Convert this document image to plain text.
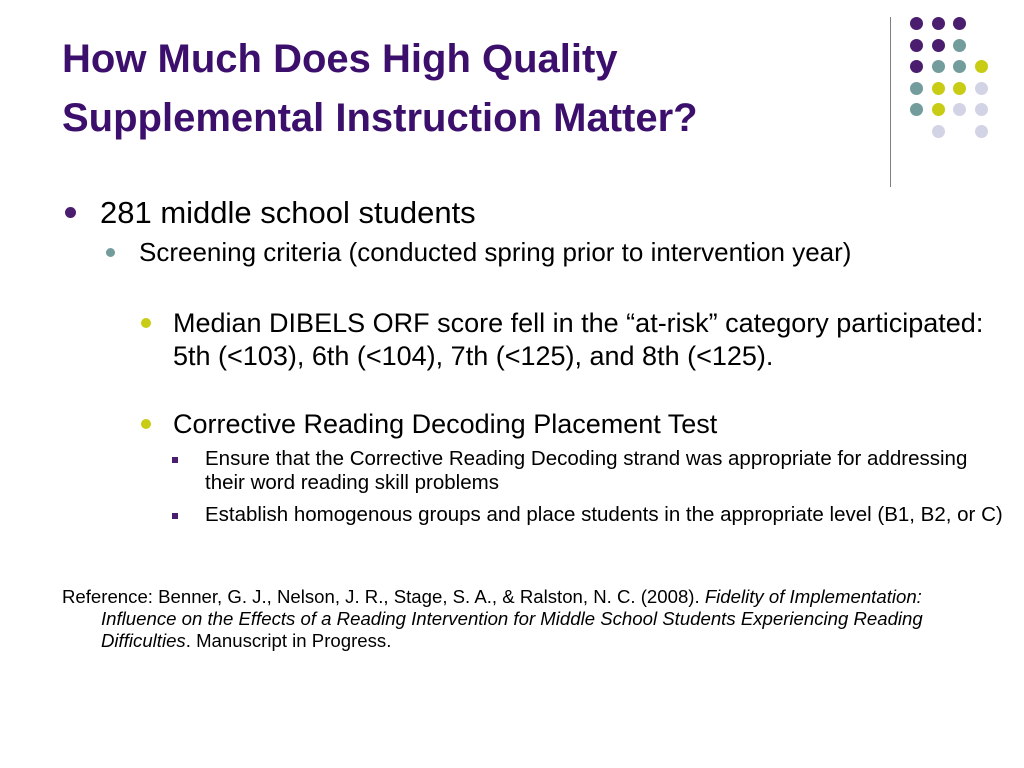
How Much Does High Quality
Supplemental Instruction Matter?
281 middle school students
Screening criteria (conducted spring prior to intervention year)
Median DIBELS ORF score fell in the “at-risk” category participated: 5th (<103), 6th (<104), 7th (<125), and 8th (<125).
Corrective Reading Decoding Placement Test
Ensure that the Corrective Reading Decoding strand was appropriate for addressing their word reading skill problems
Establish homogenous groups and place students in the appropriate level (B1, B2, or C)
Reference: Benner, G. J., Nelson, J. R., Stage, S. A., & Ralston, N. C. (2008). Fidelity of Implementation: Influence on the Effects of a Reading Intervention for Middle School Students Experiencing Reading Difficulties. Manuscript in Progress.
